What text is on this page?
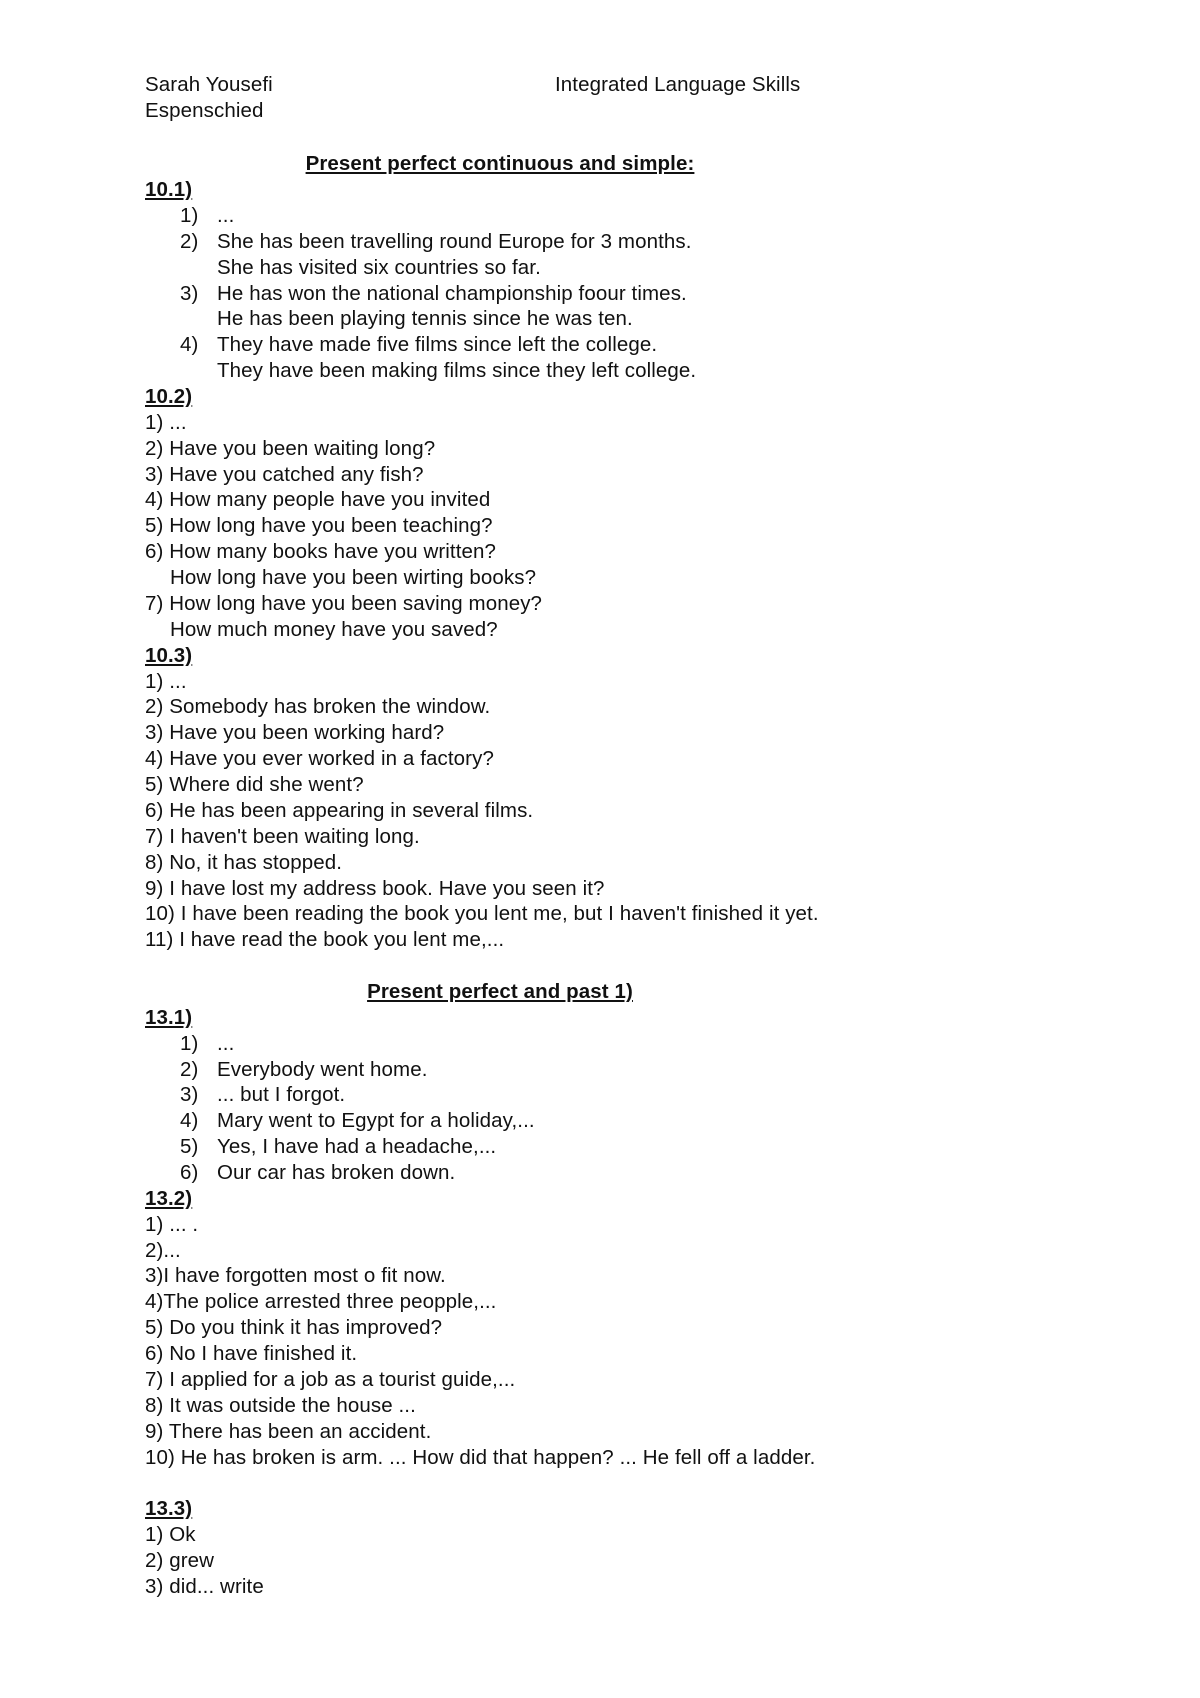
Sarah Yousefi	Integrated Language Skills
Espenschied
Present perfect continuous and simple:
10.1)
1) ...
2) She has been travelling round Europe for 3 months.
She has visited six countries so far.
3) He has won the national championship foour times.
He has been playing tennis since he was ten.
4) They have made five films since left the college.
They have been making films since they left college.
10.2)
1) ...
2) Have you been waiting long?
3) Have you catched any fish?
4) How many people have you invited
5) How long have you been teaching?
6) How many books have you written?
How long have you been wirting books?
7) How long have you been saving money?
How much money have you saved?
10.3)
1) ...
2) Somebody has broken the window.
3) Have you been working hard?
4) Have you ever worked in a factory?
5) Where did she went?
6) He has been appearing in several films.
7) I haven't been waiting long.
8) No, it has stopped.
9) I have lost my address book. Have you seen it?
10) I have been reading the book you lent me, but I haven't finished it yet.
11) I have read the book you lent me,...
Present perfect and past 1)
13.1)
1) ...
2) Everybody went home.
3) ... but I forgot.
4) Mary went to Egypt for a holiday,...
5) Yes, I have had a headache,...
6) Our car has broken down.
13.2)
1) ... .
2)...
3)I have forgotten most o fit now.
4)The police arrested three peopple,...
5) Do you think it has improved?
6) No I have finished it.
7) I applied for a job as a tourist guide,...
8) It was outside the house ...
9) There has been an accident.
10) He has broken is arm. ... How did that happen? ... He fell off a ladder.
13.3)
1) Ok
2) grew
3) did... write
